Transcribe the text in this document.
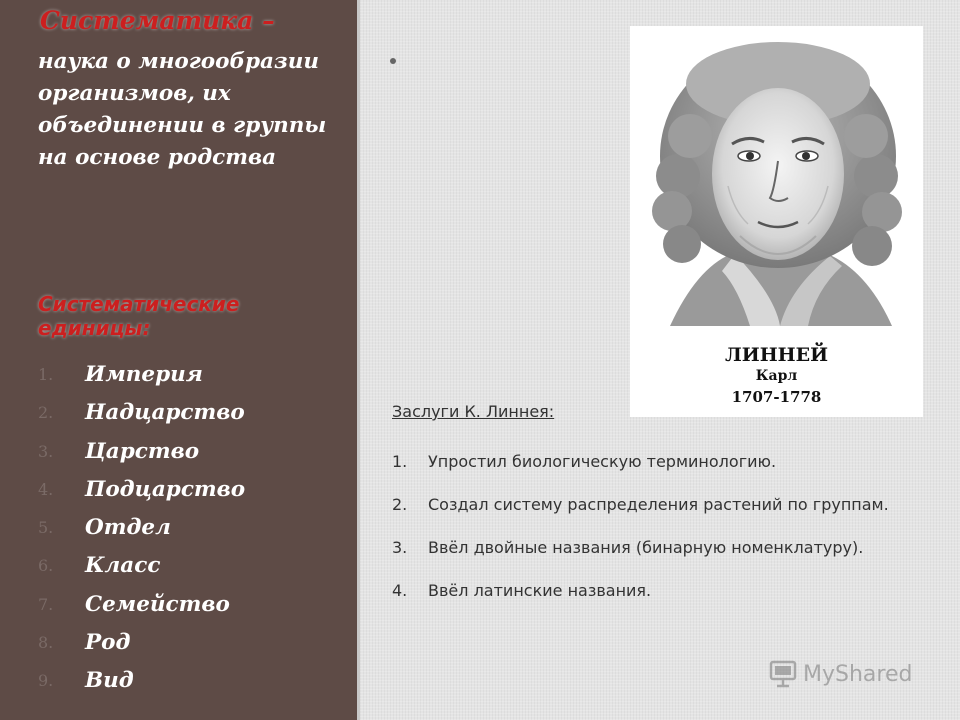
Систематика –
наука о многообразии организмов, их объединении в группы на основе родства
Систематические единицы:
1. Империя
2. Надцарство
3. Царство
4. Подцарство
5. Отдел
6. Класс
7. Семейство
8. Род
9. Вид
ЛИННЕЙ
Карл
1707-1778
Заслуги К. Линнея:
1. Упростил биологическую терминологию.
2. Создал систему распределения растений по группам.
3. Ввёл двойные названия (бинарную номенклатуру).
4. Ввёл латинские названия.
MyShared
